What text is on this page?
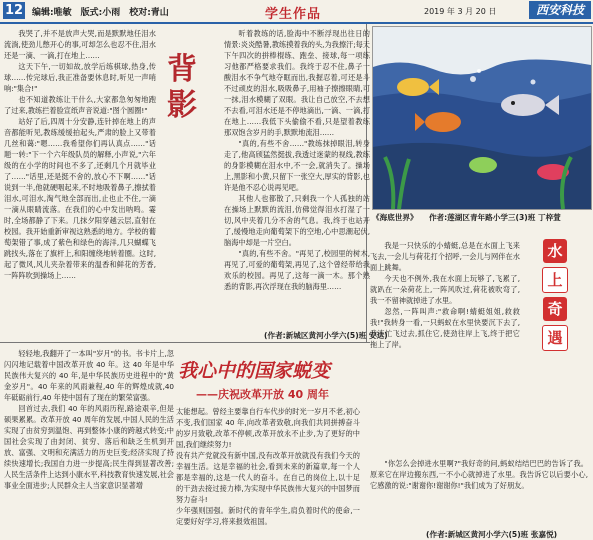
12 编辑:唯敏　版式:小雨　校对:青山	学生作品	2019 年 3 月 20 日	西安科技

我哭了,并不是放声大哭,而是默默地任泪水流淌,使劲儿憋开心的事,可却怎么也忍不住,泪水还是一滴、一滴,打在地上……

这天下午,一切如故,放学后练棋球,热身,传球……传完球后,我正准备要休息时,听见一声哨响:"集合!"

也不知道教练让干什么,大家都急匆匆地跑了过来,教练拦着脸宣纸声音说道:"图个圆圈!"

站好了后,四周十分安静,连针掉在地上的声音都能听见,教练缓缓拍起头,严肃的脸上又带着几丝和蔼:"嗯……我希望你们再认真点……"话题一转:"下一个六年级队员的解释,小声说,"六年级的在小学的时间也不多了,还剩几个月就毕业了……"话里,还是挺不舍的,放心不下啊……"话说到一半,他就硬咽起来,不时地吸着鼻子,擦拭着泪水,可泪水,淘气地全部而出,止也止不住,一滴一滴从眼睛流落。在我们的心中发出呐鸣。霎时,全场都静了下来。几抹夕阳穿越云层,直射在校园。我开始重新审视这熟悉的地方。学校的葡萄架错了事,成了紫色和绿色的海洋,几只蝴蝶飞跳找头,落在了旗杆上,和阳缠绕地转着圈。这时,起了微风,风儿夹杂着带来的温香和鲜花的芳香,一阵阵吹到操场上……

背影

听着教练的话,脸海中不断浮现出往日的情景:炎炎酷暑,教练摸着我的头,为我擦汗;每天下午四次的拼棒棍练、跑垒、接球,每一项练习他都严格要求我们。我终于忍不住,鼻子一酸泪水不争气地夺眶而出,我握忍着,可还是斗不过顽皮的泪水,吸吸鼻子,用袖子擦擦眼睛,可一抹,泪水模糊了双眼。我让自己放空,不去想不去看,可泪水还是不停地滴出,一滴、一滴,打在地上……我低下头偷偷不看,只是望着教练那双饱含岁月的手,默默地流泪……

"真的,有些不舍……"教练抹掉眼泪,转身走了,他高颀猛然挺拔,我透过迷蒙的视线,教练的身影模糊在泪水中,不一会,就消失了。操场上,黑影和小黄,只留下一张空大,厚实的背影,也许是他不忍心说再见吧。

其他人也都散了,只剩我一个人孤独的站在操场上默默的流泪,仿佛觉得泪水打湿了一切,风中夹着几分不舍的气息。我,终于也站开了,缓慢地走向葡萄架下的空地,心中思潮起伏,脑海中却是一片空白。

"真的,有些不舍。"再见了,校园里的树木,再见了,可爱的葡萄架,再见了,这个曾经带给我欢乐的校园。再见了,这每一滴一木。那个熟悉的背影,再次浮现在我的脑海里……

(作者:新城区黄河小学六(5)班 安达)

轻轻地,我翻开了一本叫"岁月"的书。书卡片上,忽闪闪地记载着中国改革开放 40 年。这 40 年是中华民族伟大复兴的 40 年,是中华民族历史进程中的"黄金岁月"。40 年来的风雨兼程,40 年的辉煌成就,40 年砥砺前行,40 年使中国有了现在的繁荣富强。

回首过去,我们 40 年的风雨历程,路途艰辛,但是硕果累累。改革开放 40 周年的发展,中国人民的生活实现了由贫穷到温饱、再到整体小康的跨越式转变;中国社会实现了由封闭、贫穷、落后和缺乏生机到开放、富强、文明和充满活力的历史巨变;经济实现了持续快速增长;我国自力进一步提高;民生得到显著改善;人民生活条件上达到小康水平,科技教育快速发展,社会事业全面进步;人民群众主人当家意识显著增

我心中的国家蜕变
——庆祝改革开放 40 周年

太能想起。曾经主要靠自行车代步的时光一岁月不老,初心不变,我们国家 40 年,向改革者致敬,向我们共同拼搏奋斗的岁月致敬,改革不停顿,改革开放永不止步,为了更好的中国,我们继续努力!

没有共产党就没有新中国,没有改革开放就没有我们今天的幸福生活。这是幸福的社会,看到未来的新篇章,每一个人都是幸福的,这是一代人的奋斗。在自己的岗位上,以十足的干劲去接过接力棒,为实现中华民族伟大复兴的中国梦而努力奋斗!

少年强则国强。新时代的青年学生,肩负着时代的使命,一定要好好学习,将来报效祖国。

《海底世界》　　作者:莲湖区青年路小学三(3)班 丁梓萱
水
上
奇
遇

我是一只快乐的小蜻蜓,总是在水面上飞来飞去,一会儿与荷花打个招呼,一会儿与网伴在水面上跳舞。

今天也不例外,我在水面上玩够了,飞累了,就趴在一朵荷花上,一阵风吹过,荷花被吹弯了,我一不留神就掉进了水里。

忽然,一阵叫声:"救命啊!蜻蜓姐姐,救救我!"我转身一看,一只蚂蚁在水里快要沉下去了,我连忙飞过去,抓住它,使劲往岸上飞,终于把它拖上了岸。

"你怎么会掉进水里啊?"我好奇的问,蚂蚁结结巴巴的告诉了我。原来它在岸边搬东西,一不小心就掉进了水里。我告诉它以后要小心,它感激的说:"谢谢你!谢谢你!"我们成为了好朋友。

(作者:新城区黄河小学六(5)班 张嘉悦)
